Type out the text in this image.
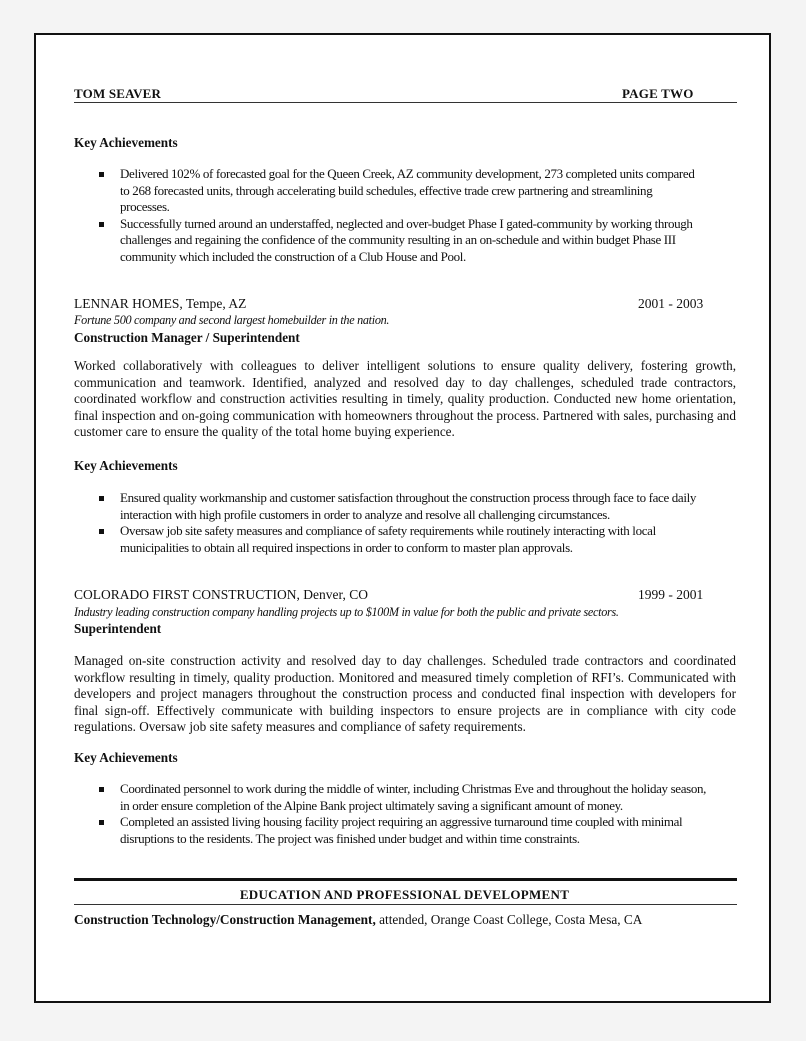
TOM SEAVER	PAGE TWO
Key Achievements
Delivered 102% of forecasted goal for the Queen Creek, AZ community development, 273 completed units compared to 268 forecasted units, through accelerating build schedules, effective trade crew partnering and streamlining processes.
Successfully turned around an understaffed, neglected and over-budget Phase I gated-community by working through challenges and regaining the confidence of the community resulting in an on-schedule and within budget Phase III community which included the construction of a Club House and Pool.
LENNAR HOMES, Tempe, AZ	2001 - 2003
Fortune 500 company and second largest homebuilder in the nation.
Construction Manager / Superintendent

Worked collaboratively with colleagues to deliver intelligent solutions to ensure quality delivery, fostering growth, communication and teamwork. Identified, analyzed and resolved day to day challenges, scheduled trade contractors, coordinated workflow and construction activities resulting in timely, quality production. Conducted new home orientation, final inspection and on-going communication with homeowners throughout the process. Partnered with sales, purchasing and customer care to ensure the quality of the total home buying experience.

Key Achievements
Ensured quality workmanship and customer satisfaction throughout the construction process through face to face daily interaction with high profile customers in order to analyze and resolve all challenging circumstances.
Oversaw job site safety measures and compliance of safety requirements while routinely interacting with local municipalities to obtain all required inspections in order to conform to master plan approvals.
COLORADO FIRST CONSTRUCTION, Denver, CO	1999 - 2001
Industry leading construction company handling projects up to $100M in value for both the public and private sectors.
Superintendent

Managed on-site construction activity and resolved day to day challenges. Scheduled trade contractors and coordinated workflow resulting in timely, quality production. Monitored and measured timely completion of RFI’s. Communicated with developers and project managers throughout the construction process and conducted final inspection with developers for final sign-off. Effectively communicate with building inspectors to ensure projects are in compliance with city code regulations. Oversaw job site safety measures and compliance of safety requirements.

Key Achievements
Coordinated personnel to work during the middle of winter, including Christmas Eve and throughout the holiday season, in order ensure completion of the Alpine Bank project ultimately saving a significant amount of money.
Completed an assisted living housing facility project requiring an aggressive turnaround time coupled with minimal disruptions to the residents. The project was finished under budget and within time constraints.
EDUCATION AND PROFESSIONAL DEVELOPMENT
Construction Technology/Construction Management, attended, Orange Coast College, Costa Mesa, CA
